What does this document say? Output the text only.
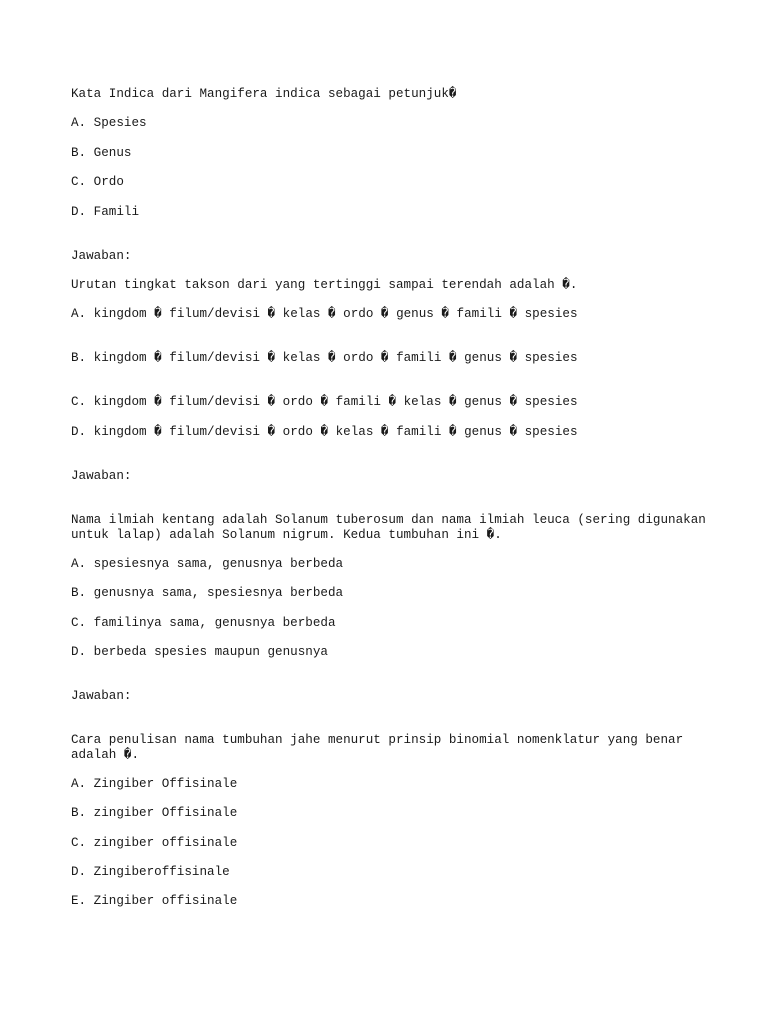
Kata Indica dari Mangifera indica sebagai petunjuk�

A. Spesies

B. Genus

C. Ordo

D. Famili

Jawaban:

Urutan tingkat takson dari yang tertinggi sampai terendah adalah �.

A. kingdom � filum/devisi � kelas � ordo � genus � famili � spesies

B. kingdom � filum/devisi � kelas � ordo � famili � genus � spesies

C. kingdom � filum/devisi � ordo � famili � kelas � genus � spesies

D. kingdom � filum/devisi � ordo � kelas � famili � genus � spesies

Jawaban:

Nama ilmiah kentang adalah Solanum tuberosum dan nama ilmiah leuca (sering digunakan untuk lalap) adalah Solanum nigrum. Kedua tumbuhan ini �.

A. spesiesnya sama, genusnya berbeda

B. genusnya sama, spesiesnya berbeda

C. familinya sama, genusnya berbeda

D. berbeda spesies maupun genusnya

Jawaban:

Cara penulisan nama tumbuhan jahe menurut prinsip binomial nomenklatur yang benar adalah �.

A. Zingiber Offisinale

B. zingiber Offisinale

C. zingiber offisinale

D. Zingiberoffisinale

E. Zingiber offisinale
